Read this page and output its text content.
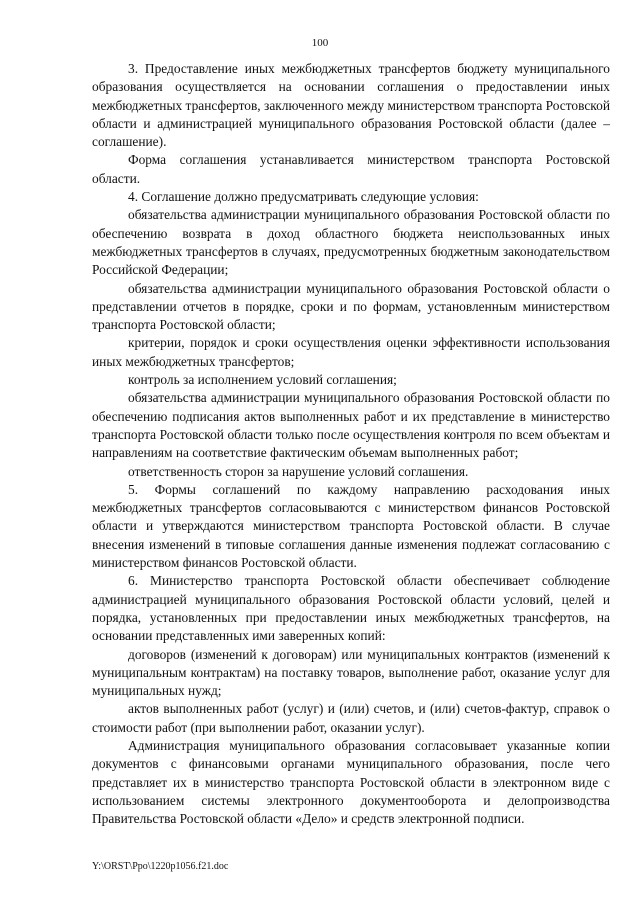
100

3. Предоставление иных межбюджетных трансфертов бюджету муниципального образования осуществляется на основании соглашения о предоставлении иных межбюджетных трансфертов, заключенного между министерством транспорта Ростовской области и администрацией муниципального образования Ростовской области (далее – соглашение).

Форма соглашения устанавливается министерством транспорта Ростовской области.

4. Соглашение должно предусматривать следующие условия:

обязательства администрации муниципального образования Ростовской области по обеспечению возврата в доход областного бюджета неиспользованных иных межбюджетных трансфертов в случаях, предусмотренных бюджетным законодательством Российской Федерации;

обязательства администрации муниципального образования Ростовской области о представлении отчетов в порядке, сроки и по формам, установленным министерством транспорта Ростовской области;

критерии, порядок и сроки осуществления оценки эффективности использования иных межбюджетных трансфертов;

контроль за исполнением условий соглашения;

обязательства администрации муниципального образования Ростовской области по обеспечению подписания актов выполненных работ и их представление в министерство транспорта Ростовской области только после осуществления контроля по всем объектам и направлениям на соответствие фактическим объемам выполненных работ;

ответственность сторон за нарушение условий соглашения.

5. Формы соглашений по каждому направлению расходования иных межбюджетных трансфертов согласовываются с министерством финансов Ростовской области и утверждаются министерством транспорта Ростовской области. В случае внесения изменений в типовые соглашения данные изменения подлежат согласованию с министерством финансов Ростовской области.

6. Министерство транспорта Ростовской области обеспечивает соблюдение администрацией муниципального образования Ростовской области условий, целей и порядка, установленных при предоставлении иных межбюджетных трансфертов, на основании представленных ими заверенных копий:

договоров (изменений к договорам) или муниципальных контрактов (изменений к муниципальным контрактам) на поставку товаров, выполнение работ, оказание услуг для муниципальных нужд;

актов выполненных работ (услуг) и (или) счетов, и (или) счетов-фактур, справок о стоимости работ (при выполнении работ, оказании услуг).

Администрация муниципального образования согласовывает указанные копии документов с финансовыми органами муниципального образования, после чего представляет их в министерство транспорта Ростовской области в электронном виде с использованием системы электронного документооборота и делопроизводства Правительства Ростовской области «Дело» и средств электронной подписи.

Y:\ORST\Ppo\1220p1056.f21.doc
